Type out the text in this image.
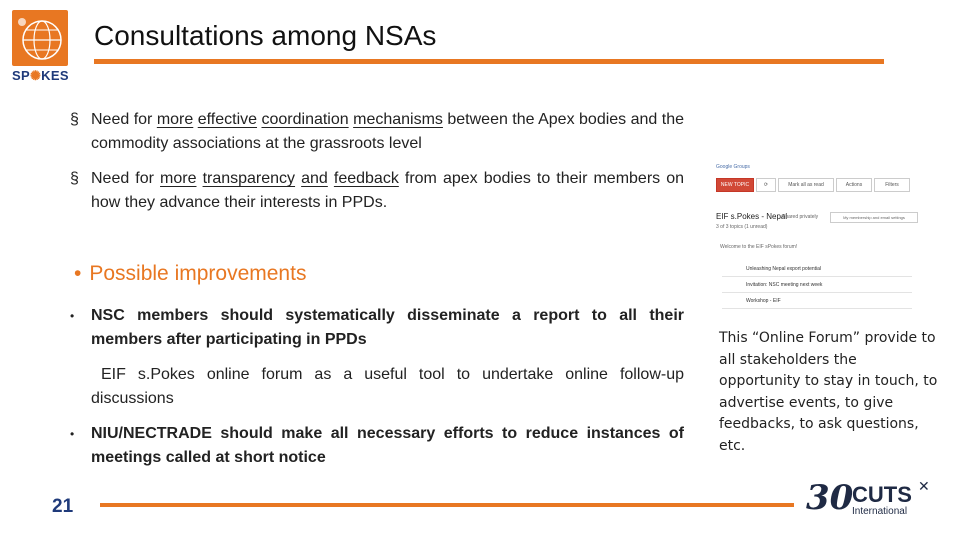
SP✺KES
Consultations among NSAs
§ Need for more effective coordination mechanisms between the Apex bodies and the commodity associations at the grassroots level
§ Need for more transparency and feedback from apex bodies to their members on how they advance their interests in PPDs.
• Possible improvements
• NSC members should systematically disseminate a report to all their members after participating in PPDs
EIF s.Pokes online forum as a useful tool to undertake online follow-up discussions
• NIU/NECTRADE should make all necessary efforts to reduce instances of meetings called at short notice
21
Google Groups
NEW TOPIC	⟳	Mark all as read	Actions	Filters
EIF s.Pokes - Nepal
Shared privately	My membership and email settings
3 of 3 topics (1 unread)
Welcome to the EIF sPokes forum!
Unleashing Nepal export potential
Invitation: NSC meeting next week
Workshop - EIF
This “Online Forum” provide to all stakeholders the opportunity to stay in touch, to advertise events, to give feedbacks, to ask questions, etc.
30
CUTS
International
✕
